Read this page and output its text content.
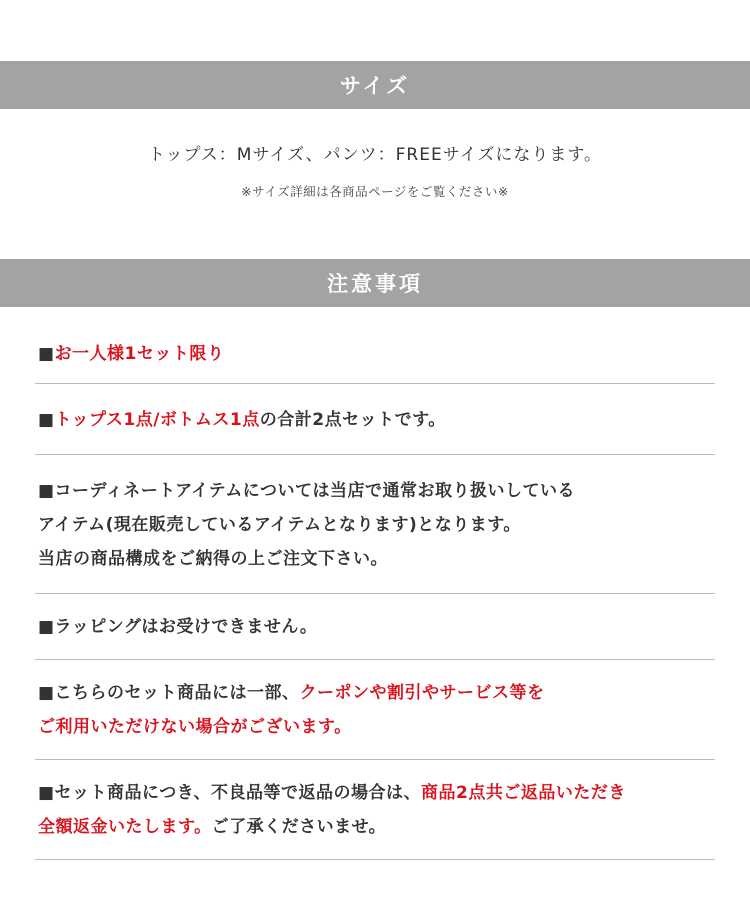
サイズ
トップス：Mサイズ、パンツ：FREEサイズになります。
※サイズ詳細は各商品ページをご覧ください※
注意事項
■お一人様1セット限り
■トップス1点/ボトムス1点の合計2点セットです。
■コーディネートアイテムについては当店で通常お取り扱いしている
アイテム(現在販売しているアイテムとなります)となります。
当店の商品構成をご納得の上ご注文下さい。
■ラッピングはお受けできません。
■こちらのセット商品には一部、クーポンや割引やサービス等を
ご利用いただけない場合がございます。
■セット商品につき、不良品等で返品の場合は、商品2点共ご返品いただき
全額返金いたします。ご了承くださいませ。
